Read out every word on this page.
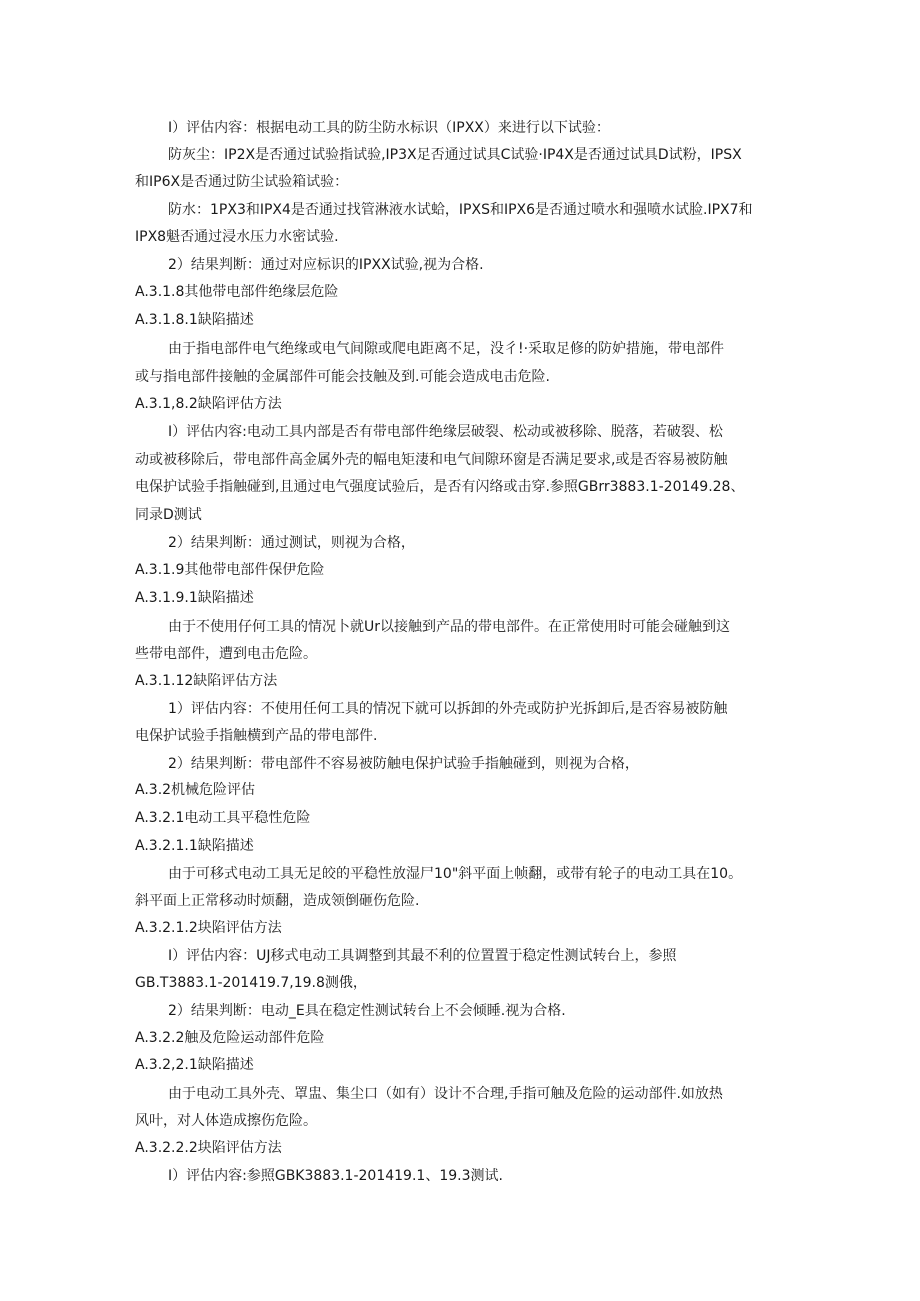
I）评估内容：根据电动工具的防尘防水标识（IPXX）来进行以下试验：
防灰尘：IP2X是否通过试验指试验,IP3X足否通过试具C试验·IP4X是否通过试具D试粉，IPSX
和IP6X是否通过防尘试验箱试验：
防水：1PX3和IPX4是否通过找管淋液水试蛤，IPXS和IPX6是否通过喷水和强喷水试脸.IPX7和
IPX8魁否通过浸水压力水密试验.
2）结果判断：通过对应标识的IPXX试验,视为合格.
A.3.1.8其他带电部件绝缘层危险
A.3.1.8.1缺陷描述
由于指电部件电气绝缘或电气间隙或爬电距离不足，没彳!·采取足修的防妒措施，带电部件
或与指电部件接触的金属部件可能会技触及到.可能会造成电击危险.
A.3.1,8.2缺陷评估方法
I）评估内容:电动工具内部是否有带电部件绝缘层破裂、松动或被移除、脱落，若破裂、松
动或被移除后，带电部件高金属外壳的幅电矩淒和电气间隙环窗是否满足要求,或是否容易被防触
电保护试验手指触碰到,且通过电气强度试验后，是否有闪络或击穿.参照GBrr3883.1-20149.28、
同录D测试
2）结果判断：通过测试，则视为合格，
A.3.1.9其他带电部件保伊危险
A.3.1.9.1缺陷描述
由于不使用仔何工具的情况卜就Ur以接触到产品的带电部件。在正常使用时可能会碰触到这
些带电部件，遭到电击危险。
A.3.1.12缺陷评估方法
1）评估内容：不使用任何工具的情况下就可以拆卸的外壳或防护光拆卸后,是否容易被防触
电保护试验手指触横到产品的带电部件.
2）结果判断：带电部件不容易被防触电保护试验手指触碰到，则视为合格，
A.3.2机械危险评估
A.3.2.1电动工具平稳性危险
A.3.2.1.1缺陷描述
由于可移式电动工具无足皎的平稳性放湿尸10"斜平面上帧翻，或带有轮子的电动工具在10。
斜平面上正常移动时烦翻，造成领倒砸伤危险.
A.3.2.1.2块陷评估方法
I）评估内容：UJ移式电动工具调整到其最不利的位置置于稳定性测试转台上，参照
GB.T3883.1-201419.7,19.8测俄，
2）结果判断：电动_E具在稳定性测试转台上不会倾睡.视为合格.
A.3.2.2触及危险运动部件危险
A.3.2,2.1缺陷描述
由于电动工具外壳、罩盅、集尘口（如有）设计不合理,手指可触及危险的运动部件.如放热
风叶，对人体造成擦伤危险。
A.3.2.2.2块陷评估方法
I）评估内容:参照GBK3883.1-201419.1、19.3测试.
